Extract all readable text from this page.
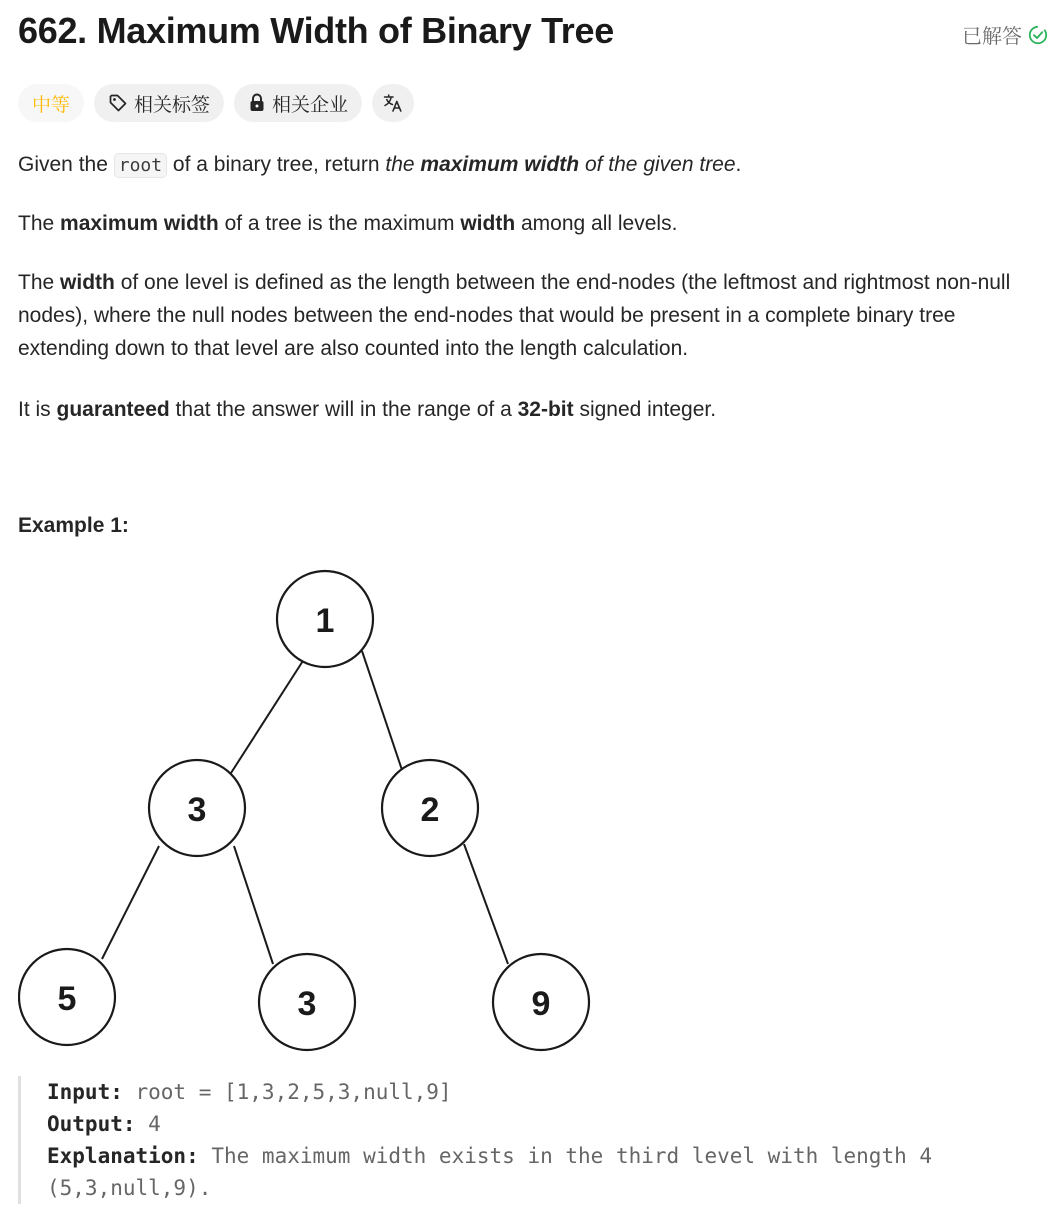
662. Maximum Width of Binary Tree	已解答
中等	相关标签	相关企业

Given the root of a binary tree, return the maximum width of the given tree.

The maximum width of a tree is the maximum width among all levels.

The width of one level is defined as the length between the end-nodes (the leftmost and rightmost non-null nodes), where the null nodes between the end-nodes that would be present in a complete binary tree extending down to that level are also counted into the length calculation.

It is guaranteed that the answer will in the range of a 32-bit signed integer.

Example 1:
1
3	2
5	3	9
Input: root = [1,3,2,5,3,null,9]
Output: 4
Explanation: The maximum width exists in the third level with length 4 (5,3,null,9).
